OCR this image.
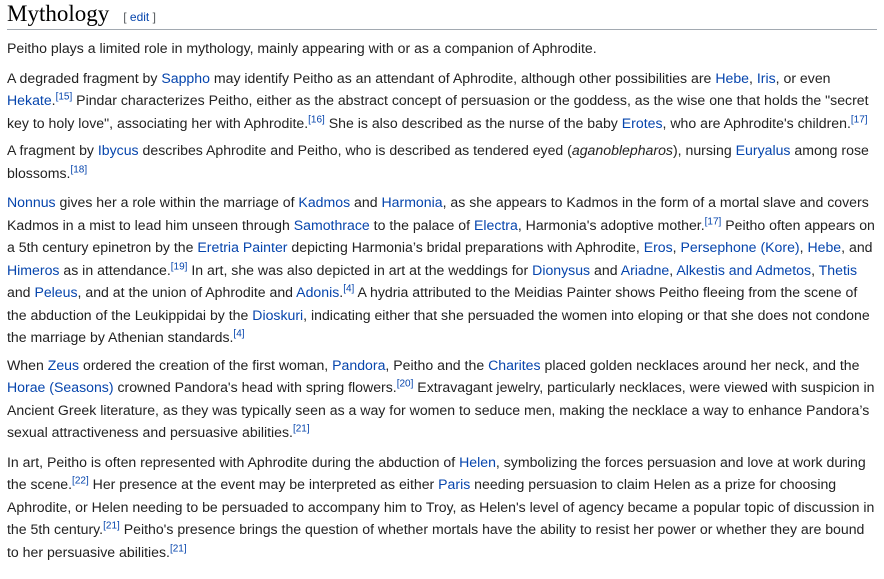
Mythology [ edit ]

Peitho plays a limited role in mythology, mainly appearing with or as a companion of Aphrodite.

A degraded fragment by Sappho may identify Peitho as an attendant of Aphrodite, although other possibilities are Hebe, Iris, or even Hekate.[15] Pindar characterizes Peitho, either as the abstract concept of persuasion or the goddess, as the wise one that holds the "secret key to holy love", associating her with Aphrodite.[16] She is also described as the nurse of the baby Erotes, who are Aphrodite's children.[17]

A fragment by Ibycus describes Aphrodite and Peitho, who is described as tendered eyed (aganoblepharos), nursing Euryalus among rose blossoms.[18]

Nonnus gives her a role within the marriage of Kadmos and Harmonia, as she appears to Kadmos in the form of a mortal slave and covers Kadmos in a mist to lead him unseen through Samothrace to the palace of Electra, Harmonia's adoptive mother.[17] Peitho often appears on a 5th century epinetron by the Eretria Painter depicting Harmonia’s bridal preparations with Aphrodite, Eros, Persephone (Kore), Hebe, and Himeros as in attendance.[19] In art, she was also depicted in art at the weddings for Dionysus and Ariadne, Alkestis and Admetos, Thetis and Peleus, and at the union of Aphrodite and Adonis.[4] A hydria attributed to the Meidias Painter shows Peitho fleeing from the scene of the abduction of the Leukippidai by the Dioskuri, indicating either that she persuaded the women into eloping or that she does not condone the marriage by Athenian standards.[4]

When Zeus ordered the creation of the first woman, Pandora, Peitho and the Charites placed golden necklaces around her neck, and the Horae (Seasons) crowned Pandora's head with spring flowers.[20] Extravagant jewelry, particularly necklaces, were viewed with suspicion in Ancient Greek literature, as they was typically seen as a way for women to seduce men, making the necklace a way to enhance Pandora’s sexual attractiveness and persuasive abilities.[21]

In art, Peitho is often represented with Aphrodite during the abduction of Helen, symbolizing the forces persuasion and love at work during the scene.[22] Her presence at the event may be interpreted as either Paris needing persuasion to claim Helen as a prize for choosing Aphrodite, or Helen needing to be persuaded to accompany him to Troy, as Helen's level of agency became a popular topic of discussion in the 5th century.[21] Peitho's presence brings the question of whether mortals have the ability to resist her power or whether they are bound to her persuasive abilities.[21]
